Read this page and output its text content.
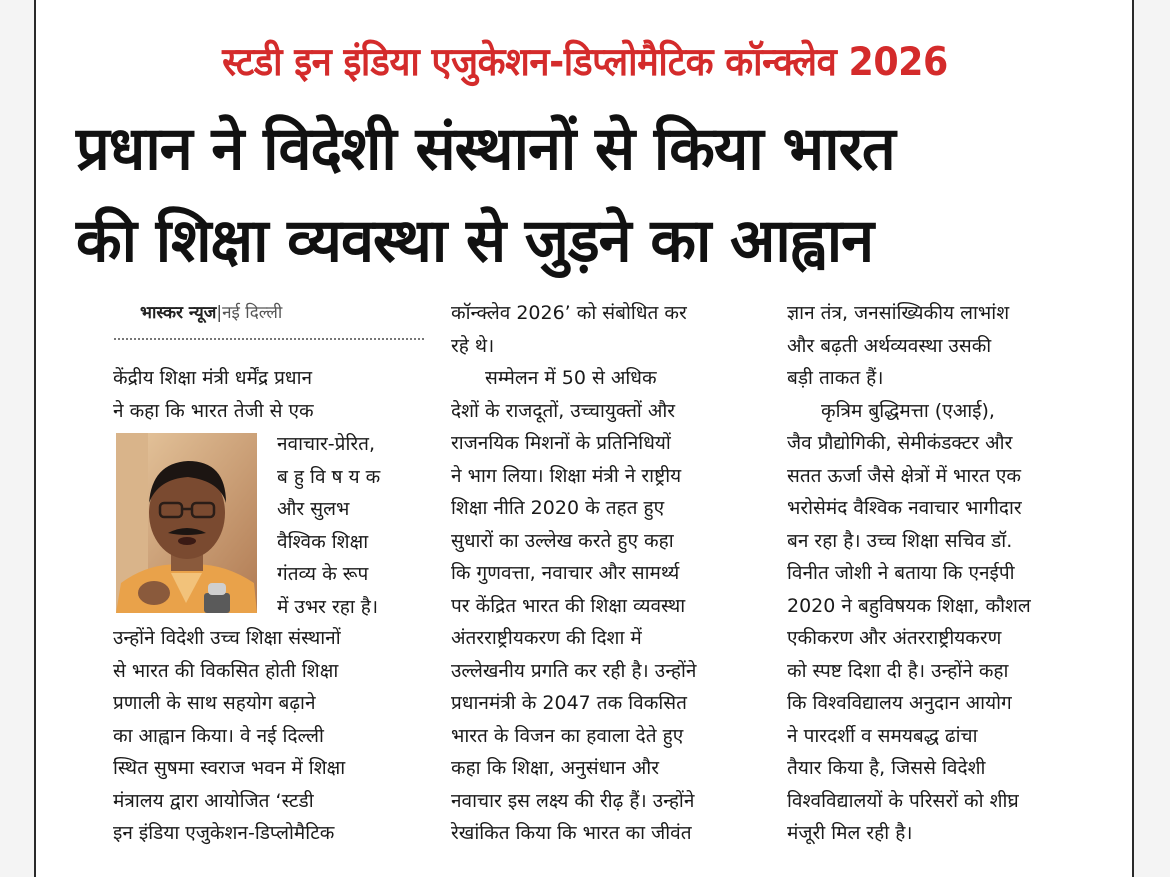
स्टडी इन इंडिया एजुकेशन-डिप्लोमैटिक कॉन्क्लेव 2026
प्रधान ने विदेशी संस्थानों से किया भारत
की शिक्षा व्यवस्था से जुड़ने का आह्वान
भास्कर न्यूज|नई दिल्ली
केंद्रीय शिक्षा मंत्री धर्मेंद्र प्रधान
ने कहा कि भारत तेजी से एक
नवाचार-प्रेरित,
ब हु वि ष य क
और सुलभ
वैश्विक शिक्षा
गंतव्य के रूप
में उभर रहा है।
उन्होंने विदेशी उच्च शिक्षा संस्थानों
से भारत की विकसित होती शिक्षा
प्रणाली के साथ सहयोग बढ़ाने
का आह्वान किया। वे नई दिल्ली
स्थित सुषमा स्वराज भवन में शिक्षा
मंत्रालय द्वारा आयोजित ‘स्टडी
इन इंडिया एजुकेशन-डिप्लोमैटिक
कॉन्क्लेव 2026’ को संबोधित कर
रहे थे।
सम्मेलन में 50 से अधिक
देशों के राजदूतों, उच्चायुक्तों और
राजनयिक मिशनों के प्रतिनिधियों
ने भाग लिया। शिक्षा मंत्री ने राष्ट्रीय
शिक्षा नीति 2020 के तहत हुए
सुधारों का उल्लेख करते हुए कहा
कि गुणवत्ता, नवाचार और सामर्थ्य
पर केंद्रित भारत की शिक्षा व्यवस्था
अंतरराष्ट्रीयकरण की दिशा में
उल्लेखनीय प्रगति कर रही है। उन्होंने
प्रधानमंत्री के 2047 तक विकसित
भारत के विजन का हवाला देते हुए
कहा कि शिक्षा, अनुसंधान और
नवाचार इस लक्ष्य की रीढ़ हैं। उन्होंने
रेखांकित किया कि भारत का जीवंत
ज्ञान तंत्र, जनसांख्यिकीय लाभांश
और बढ़ती अर्थव्यवस्था उसकी
बड़ी ताकत हैं।
कृत्रिम बुद्धिमत्ता (एआई),
जैव प्रौद्योगिकी, सेमीकंडक्टर और
सतत ऊर्जा जैसे क्षेत्रों में भारत एक
भरोसेमंद वैश्विक नवाचार भागीदार
बन रहा है। उच्च शिक्षा सचिव डॉ.
विनीत जोशी ने बताया कि एनईपी
2020 ने बहुविषयक शिक्षा, कौशल
एकीकरण और अंतरराष्ट्रीयकरण
को स्पष्ट दिशा दी है। उन्होंने कहा
कि विश्वविद्यालय अनुदान आयोग
ने पारदर्शी व समयबद्ध ढांचा
तैयार किया है, जिससे विदेशी
विश्वविद्यालयों के परिसरों को शीघ्र
मंजूरी मिल रही है।
